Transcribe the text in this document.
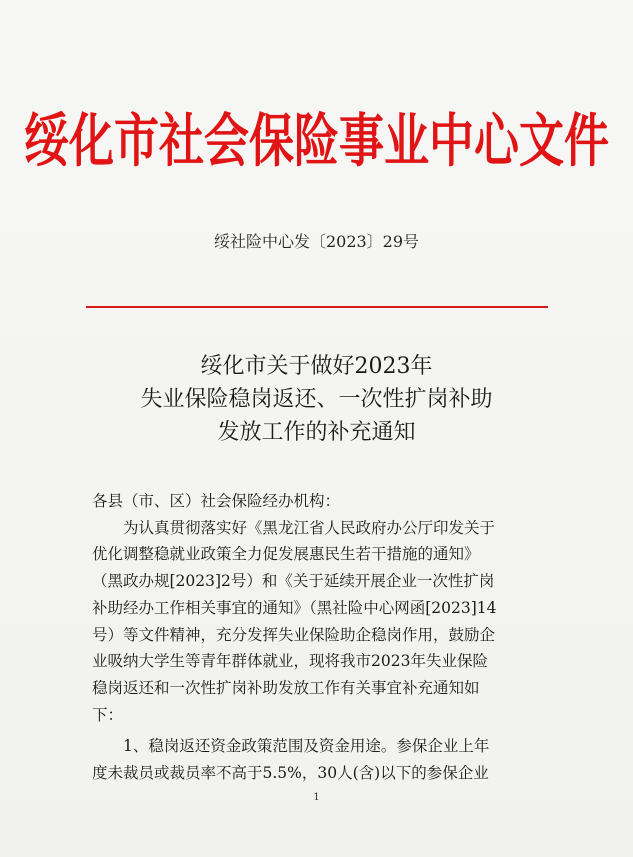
绥化市社会保险事业中心文件
绥社险中心发〔2023〕29号
绥化市关于做好2023年
失业保险稳岗返还、一次性扩岗补助
发放工作的补充通知

各县（市、区）社会保险经办机构：

　　为认真贯彻落实好《黑龙江省人民政府办公厅印发关于

优化调整稳就业政策全力促发展惠民生若干措施的通知》

（黑政办规[2023]2号）和《关于延续开展企业一次性扩岗

补助经办工作相关事宜的通知》（黑社险中心网函[2023]14

号）等文件精神，充分发挥失业保险助企稳岗作用，鼓励企

业吸纳大学生等青年群体就业，现将我市2023年失业保险

稳岗返还和一次性扩岗补助发放工作有关事宜补充通知如

下：

　　1、稳岗返还资金政策范围及资金用途。参保企业上年

度未裁员或裁员率不高于5.5%，30人(含)以下的参保企业

1
